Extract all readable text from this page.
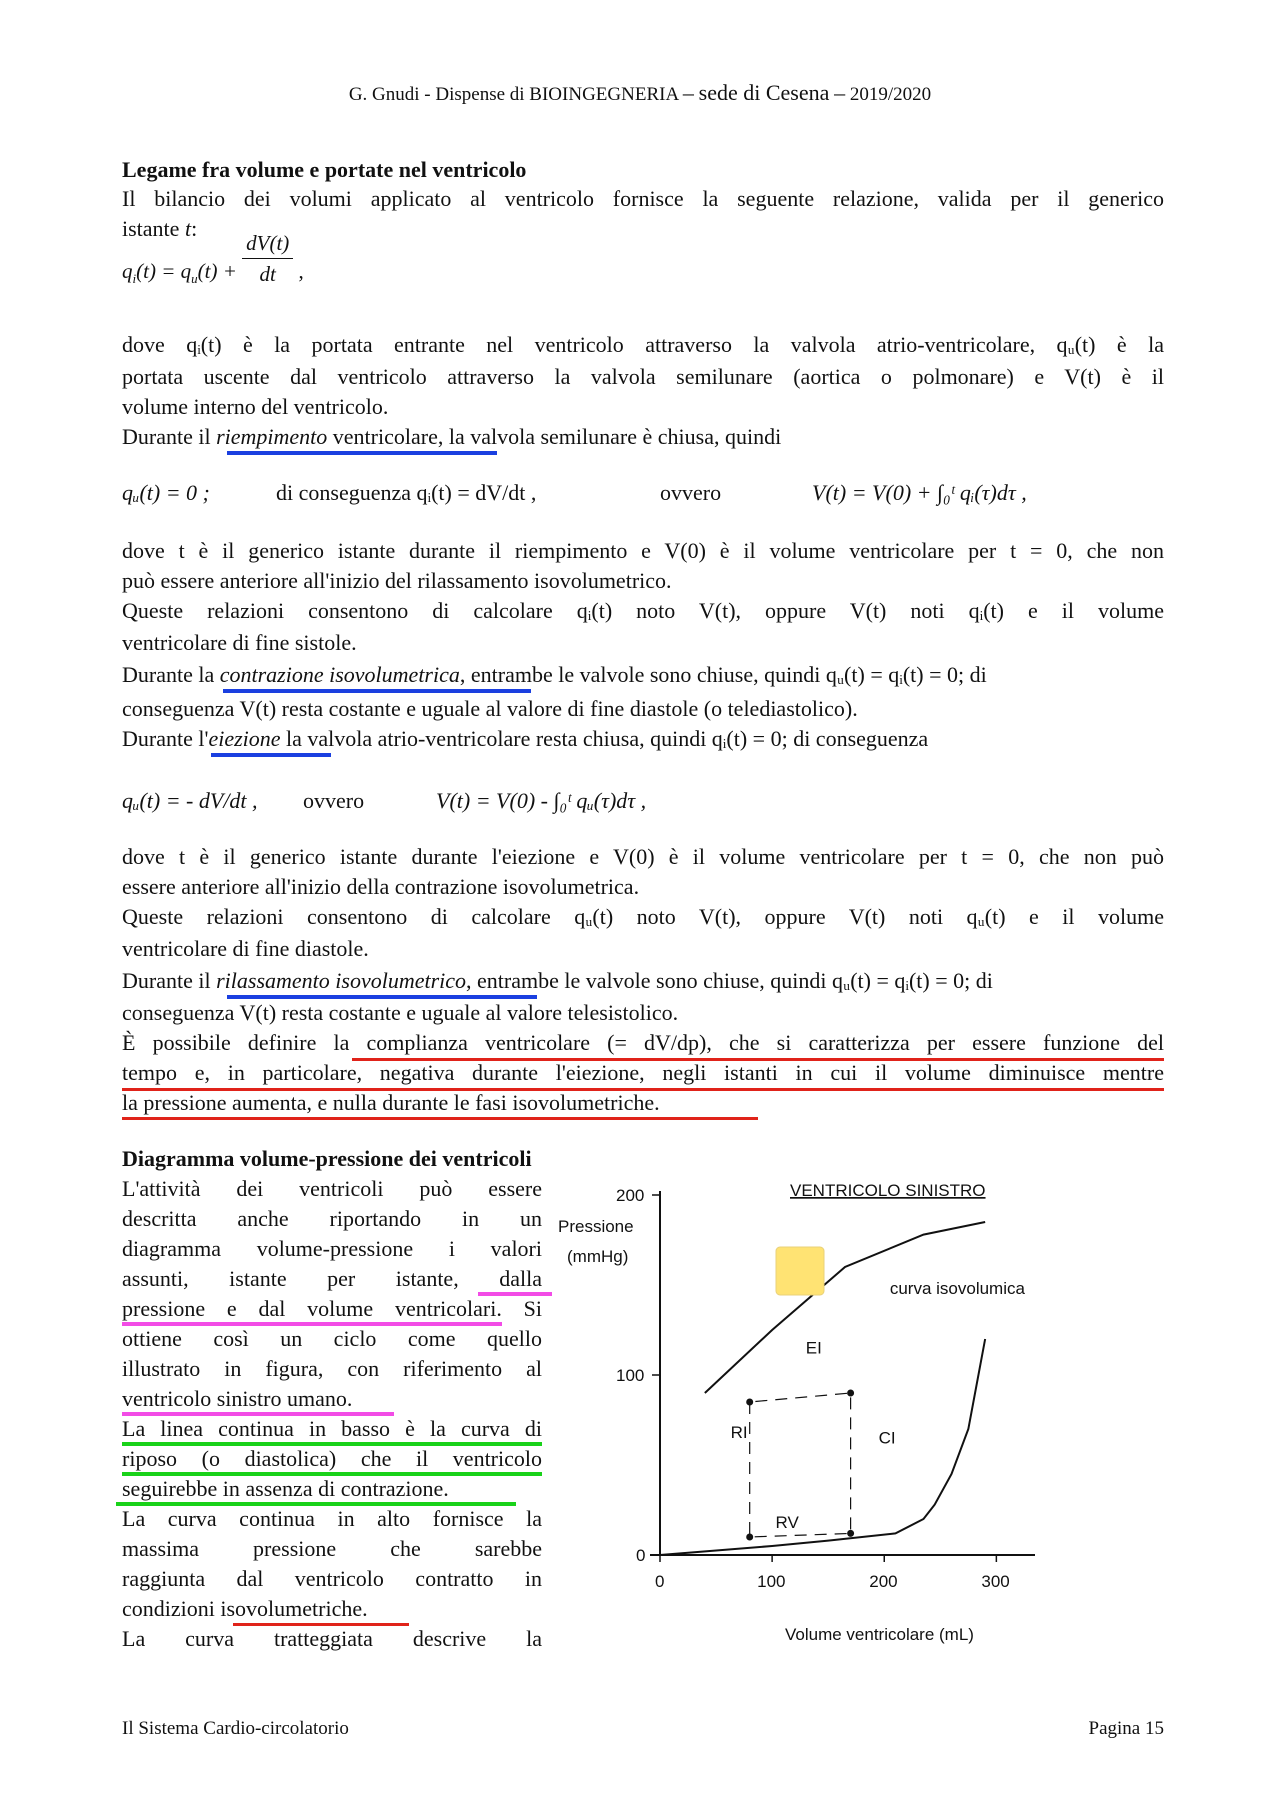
G. Gnudi - Dispense di BIOINGEGNERIA – sede di Cesena – 2019/2020
Legame fra volume e portate nel ventricolo
Il bilancio dei volumi applicato al ventricolo fornisce la seguente relazione, valida per il generico
istante t:
$q_i(t) = q_u(t) + \frac{dV(t)}{dt}$ ,
dove qᵢ(t) è la portata entrante nel ventricolo attraverso la valvola atrio-ventricolare, qᵤ(t) è la
portata uscente dal ventricolo attraverso la valvola semilunare (aortica o polmonare) e V(t) è il
volume interno del ventricolo.
Durante il riempimento ventricolare, la valvola semilunare è chiusa, quindi
qᵤ(t) = 0 ;	di conseguenza qᵢ(t) = dV/dt ,	ovvero	V(t) = V(0) + ∫₀ᵗ qᵢ(τ)dτ ,
dove t è il generico istante durante il riempimento e V(0) è il volume ventricolare per t = 0, che non
può essere anteriore all'inizio del rilassamento isovolumetrico.
Queste relazioni consentono di calcolare qᵢ(t) noto V(t), oppure V(t) noti qᵢ(t) e il volume
ventricolare di fine sistole.
Durante la contrazione isovolumetrica, entrambe le valvole sono chiuse, quindi qᵤ(t) = qᵢ(t) = 0; di
conseguenza V(t) resta costante e uguale al valore di fine diastole (o telediastolico).
Durante l'eiezione la valvola atrio-ventricolare resta chiusa, quindi qᵢ(t) = 0; di conseguenza
qᵤ(t) = - dV/dt , ovvero	V(t) = V(0) - ∫₀ᵗ qᵤ(τ)dτ ,
dove t è il generico istante durante l'eiezione e V(0) è il volume ventricolare per t = 0, che non può
essere anteriore all'inizio della contrazione isovolumetrica.
Queste relazioni consentono di calcolare qᵤ(t) noto V(t), oppure V(t) noti qᵤ(t) e il volume
ventricolare di fine diastole.
Durante il rilassamento isovolumetrico, entrambe le valvole sono chiuse, quindi qᵤ(t) = qᵢ(t) = 0; di
conseguenza V(t) resta costante e uguale al valore telesistolico.
È possibile definire la complianza ventricolare (= dV/dp), che si caratterizza per essere funzione del
tempo e, in particolare, negativa durante l'eiezione, negli istanti in cui il volume diminuisce mentre
la pressione aumenta, e nulla durante le fasi isovolumetriche.
Diagramma volume-pressione dei ventricoli
L'attività dei ventricoli può essere
descritta anche riportando in un
diagramma volume-pressione i valori
assunti, istante per istante, dalla
pressione e dal volume ventricolari. Si
ottiene così un ciclo come quello
illustrato in figura, con riferimento al
ventricolo sinistro umano.
La linea continua in basso è la curva di
riposo (o diastolica) che il ventricolo
seguirebbe in assenza di contrazione.
La curva continua in alto fornisce la
massima pressione che sarebbe
raggiunta dal ventricolo contratto in
condizioni isovolumetriche.
La curva tratteggiata descrive la
VENTRICOLO SINISTRO
Pressione
(mmHg)
Volume ventricolare (mL)
0	100	200	300
0
100
200
curva isovolumica
EI
RI	CI
RV
Il Sistema Cardio-circolatorio	Pagina 15
